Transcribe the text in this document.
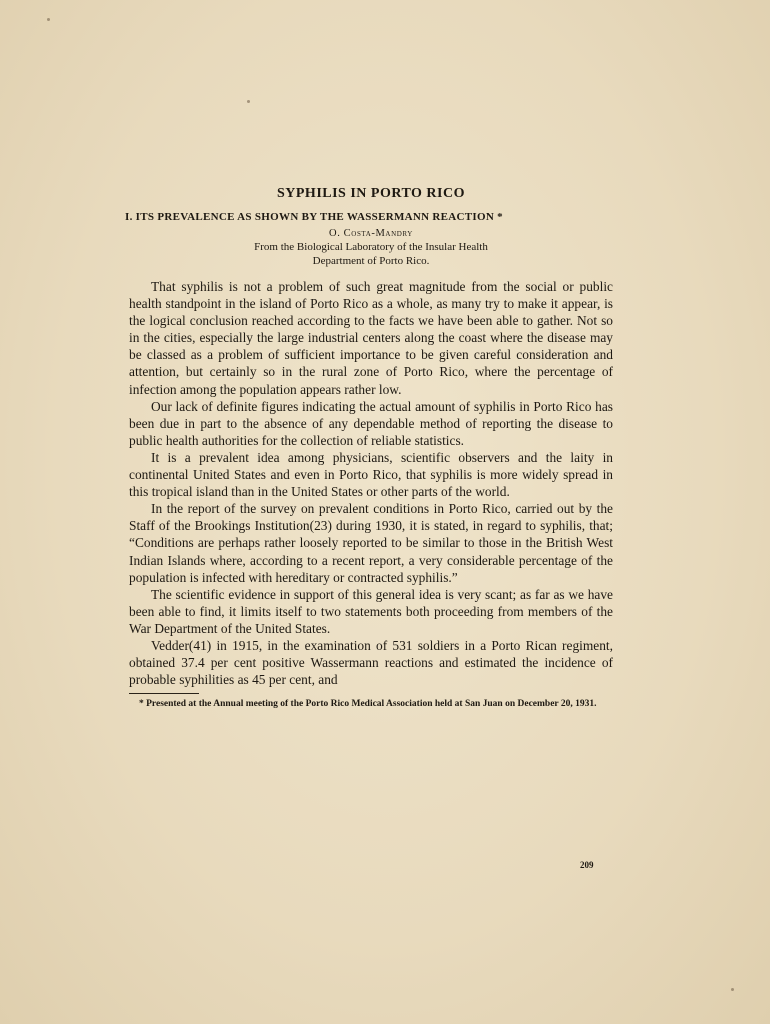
SYPHILIS IN PORTO RICO
I. ITS PREVALENCE AS SHOWN BY THE WASSERMANN REACTION *
O. Costa-Mandry
From the Biological Laboratory of the Insular Health
Department of Porto Rico.

That syphilis is not a problem of such great magnitude from the social or public health standpoint in the island of Porto Rico as a whole, as many try to make it appear, is the logical conclusion reached according to the facts we have been able to gather. Not so in the cities, especially the large industrial centers along the coast where the disease may be classed as a problem of sufficient importance to be given careful consideration and attention, but certainly so in the rural zone of Porto Rico, where the percentage of infection among the population appears rather low.

Our lack of definite figures indicating the actual amount of syphilis in Porto Rico has been due in part to the absence of any dependable method of reporting the disease to public health authorities for the collection of reliable statistics.

It is a prevalent idea among physicians, scientific observers and the laity in continental United States and even in Porto Rico, that syphilis is more widely spread in this tropical island than in the United States or other parts of the world.

In the report of the survey on prevalent conditions in Porto Rico, carried out by the Staff of the Brookings Institution(23) during 1930, it is stated, in regard to syphilis, that; “Conditions are perhaps rather loosely reported to be similar to those in the British West Indian Islands where, according to a recent report, a very considerable percentage of the population is infected with hereditary or contracted syphilis.”

The scientific evidence in support of this general idea is very scant; as far as we have been able to find, it limits itself to two statements both proceeding from members of the War Department of the United States.

Vedder(41) in 1915, in the examination of 531 soldiers in a Porto Rican regiment, obtained 37.4 per cent positive Wassermann reactions and estimated the incidence of probable syphilities as 45 per cent, and

* Presented at the Annual meeting of the Porto Rico Medical Association held at San Juan on December 20, 1931.

209
